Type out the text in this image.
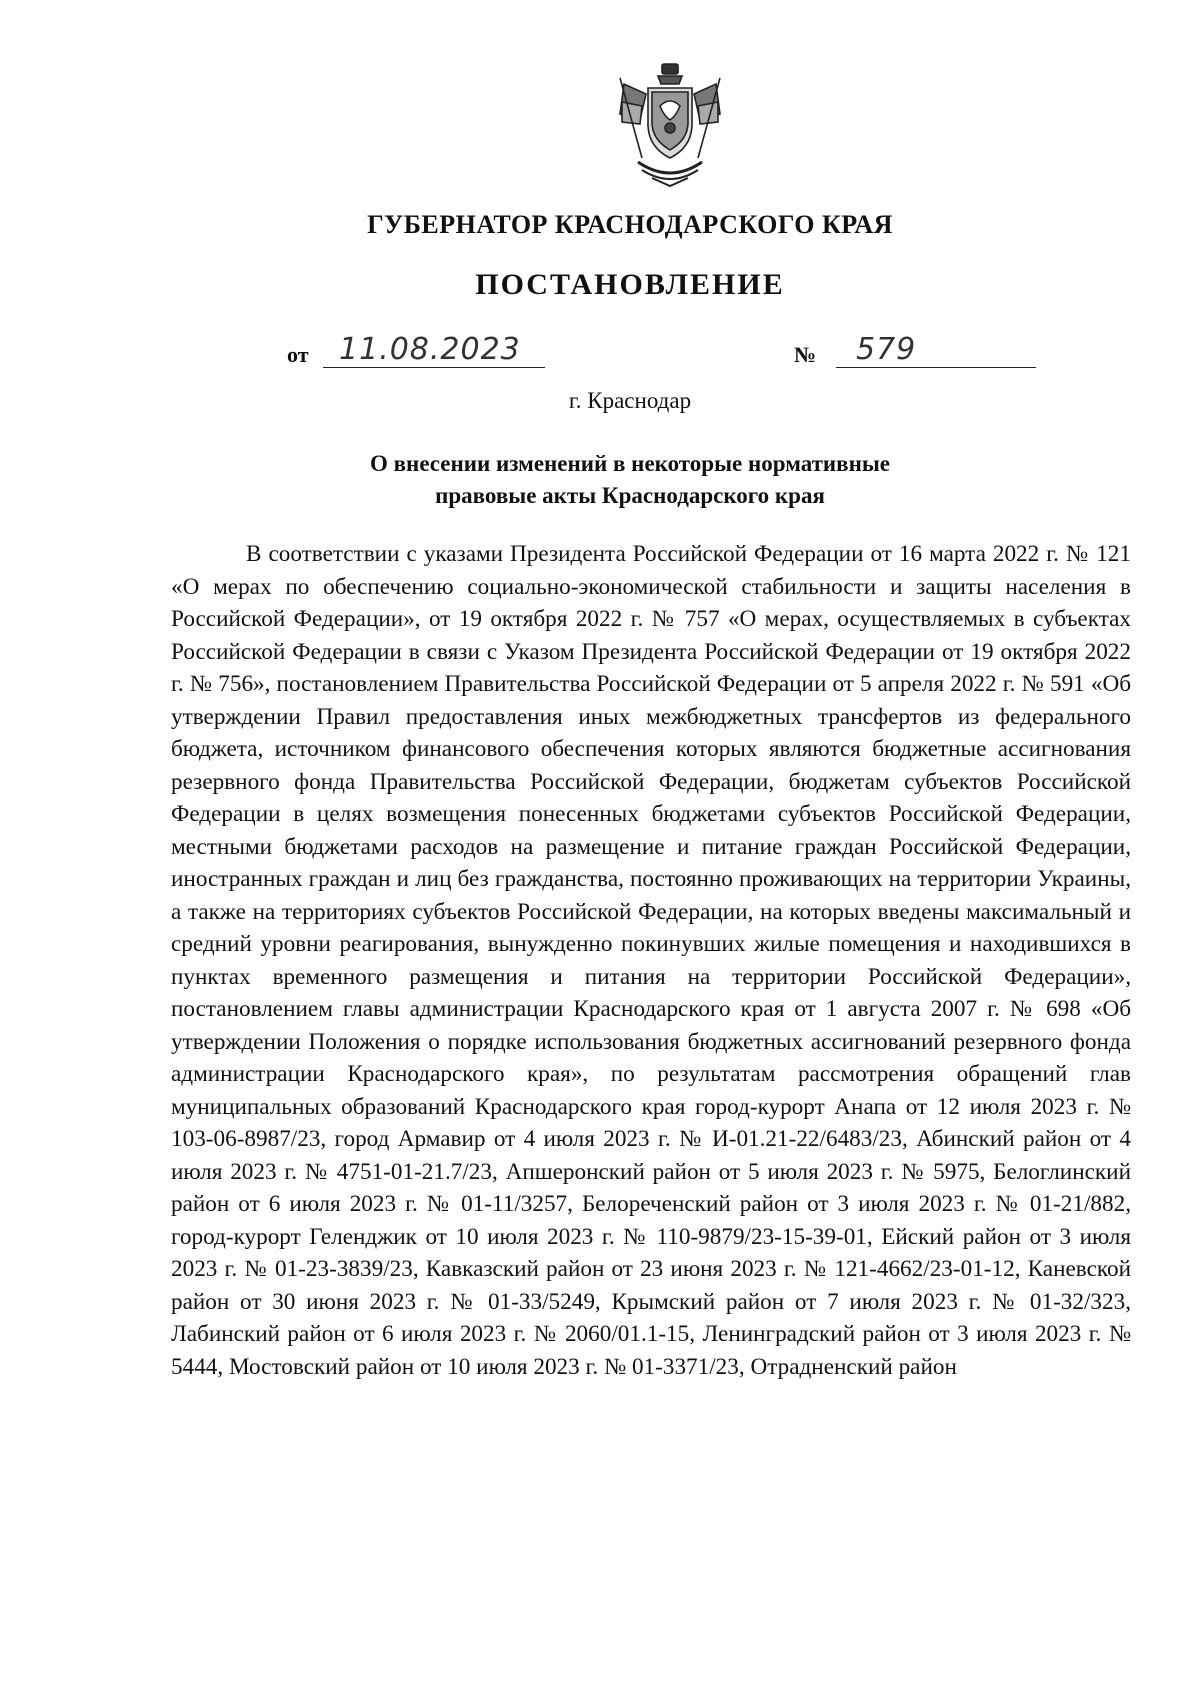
ГУБЕРНАТОР КРАСНОДАРСКОГО КРАЯ
ПОСТАНОВЛЕНИЕ
от 11.08.2023	№ 579
г. Краснодар
О внесении изменений в некоторые нормативные
правовые акты Краснодарского края
В соответствии с указами Президента Российской Федерации от 16 марта 2022 г. № 121 «О мерах по обеспечению социально-экономической стабильности и защиты населения в Российской Федерации», от 19 октября 2022 г. № 757 «О мерах, осуществляемых в субъектах Российской Федерации в связи с Указом Президента Российской Федерации от 19 октября 2022 г. № 756», постановлением Правительства Российской Федерации от 5 апреля 2022 г. № 591 «Об утверждении Правил предоставления иных межбюджетных трансфертов из федерального бюджета, источником финансового обеспечения которых являются бюджетные ассигнования резервного фонда Правительства Российской Федерации, бюджетам субъектов Российской Федерации в целях возмещения понесенных бюджетами субъектов Российской Федерации, местными бюджетами расходов на размещение и питание граждан Российской Федерации, иностранных граждан и лиц без гражданства, постоянно проживающих на территории Украины, а также на территориях субъектов Российской Федерации, на которых введены максимальный и средний уровни реагирования, вынужденно покинувших жилые помещения и находившихся в пунктах временного размещения и питания на территории Российской Федерации», постановлением главы администрации Краснодарского края от 1 августа 2007 г. № 698 «Об утверждении Положения о порядке использования бюджетных ассигнований резервного фонда администрации Краснодарского края», по результатам рассмотрения обращений глав муниципальных образований Краснодарского края город-курорт Анапа от 12 июля 2023 г. № 103-06-8987/23, город Армавир от 4 июля 2023 г. № И-01.21-22/6483/23, Абинский район от 4 июля 2023 г. № 4751-01-21.7/23, Апшеронский район от 5 июля 2023 г. № 5975, Белоглинский район от 6 июля 2023 г. № 01-11/3257, Белореченский район от 3 июля 2023 г. № 01-21/882, город-курорт Геленджик от 10 июля 2023 г. № 110-9879/23-15-39-01, Ейский район от 3 июля 2023 г. № 01-23-3839/23, Кавказский район от 23 июня 2023 г. № 121-4662/23-01-12, Каневской район от 30 июня 2023 г. № 01-33/5249, Крымский район от 7 июля 2023 г. № 01-32/323, Лабинский район от 6 июля 2023 г. № 2060/01.1-15, Ленинградский район от 3 июля 2023 г. № 5444, Мостовский район от 10 июля 2023 г. № 01-3371/23, Отрадненский район
